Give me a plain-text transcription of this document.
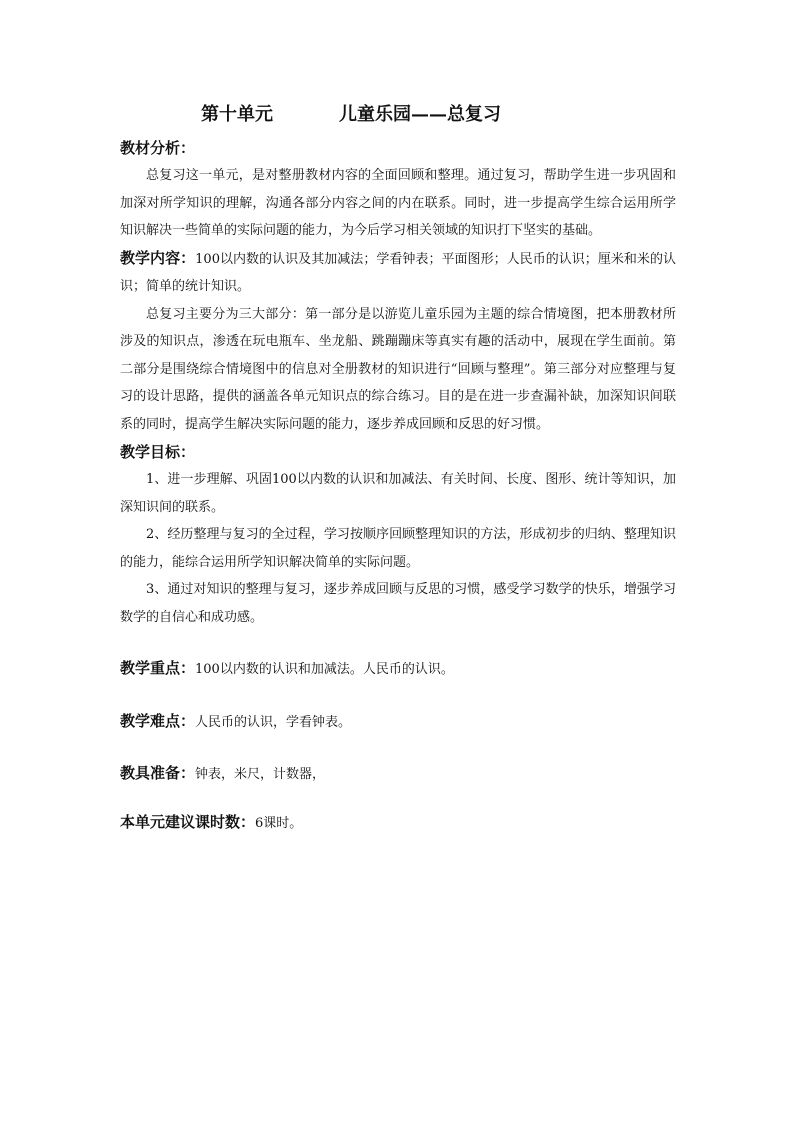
第十单元	儿童乐园——总复习
教材分析：

总复习这一单元，是对整册教材内容的全面回顾和整理。通过复习，帮助学生进一步巩固和加深对所学知识的理解，沟通各部分内容之间的内在联系。同时，进一步提高学生综合运用所学知识解决一些简单的实际问题的能力，为今后学习相关领域的知识打下坚实的基础。

教学内容：100以内数的认识及其加减法；学看钟表；平面图形；人民币的认识；厘米和米的认识；简单的统计知识。

总复习主要分为三大部分：第一部分是以游览儿童乐园为主题的综合情境图，把本册教材所涉及的知识点，渗透在玩电瓶车、坐龙船、跳蹦蹦床等真实有趣的活动中，展现在学生面前。第二部分是围绕综合情境图中的信息对全册教材的知识进行“回顾与整理”。第三部分对应整理与复习的设计思路，提供的涵盖各单元知识点的综合练习。目的是在进一步查漏补缺，加深知识间联系的同时，提高学生解决实际问题的能力，逐步养成回顾和反思的好习惯。

教学目标：

1、进一步理解、巩固100以内数的认识和加减法、有关时间、长度、图形、统计等知识，加深知识间的联系。

2、经历整理与复习的全过程，学习按顺序回顾整理知识的方法，形成初步的归纳、整理知识的能力，能综合运用所学知识解决简单的实际问题。

3、通过对知识的整理与复习，逐步养成回顾与反思的习惯，感受学习数学的快乐，增强学习数学的自信心和成功感。

教学重点：100以内数的认识和加减法。人民币的认识。

教学难点：人民币的认识，学看钟表。

教具准备：钟表，米尺，计数器，

本单元建议课时数：6课时。
